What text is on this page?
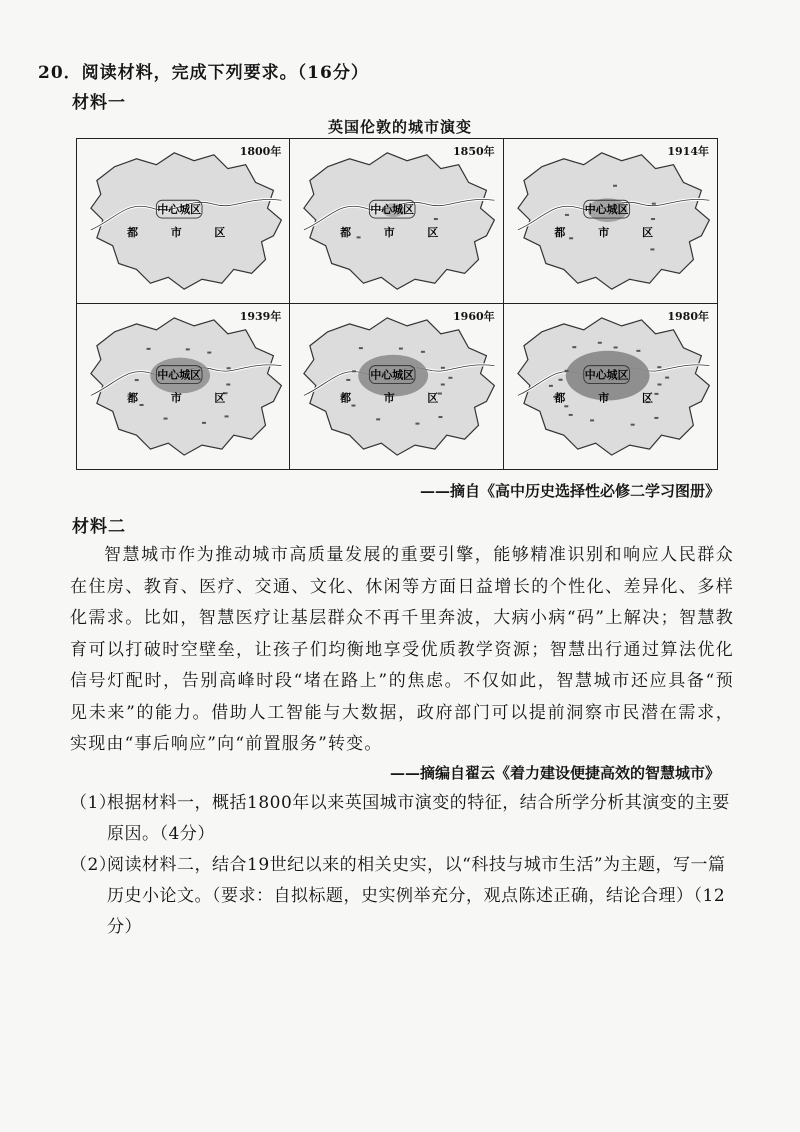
20．阅读材料，完成下列要求。（16分）
材料一
英国伦敦的城市演变
中心城区
都	市	区
1800年
中心城区
都	市	区
1850年
中心城区
都	市	区
1914年
中心城区
都	市	区
1939年
中心城区
都	市	区
1960年
中心城区
都	市	区
1980年
——摘自《高中历史选择性必修二学习图册》
材料二
智慧城市作为推动城市高质量发展的重要引擎，能够精准识别和响应人民群众在住房、教育、医疗、交通、文化、休闲等方面日益增长的个性化、差异化、多样化需求。比如，智慧医疗让基层群众不再千里奔波，大病小病“码”上解决；智慧教育可以打破时空壁垒，让孩子们均衡地享受优质教学资源；智慧出行通过算法优化信号灯配时，告别高峰时段“堵在路上”的焦虑。不仅如此，智慧城市还应具备“预见未来”的能力。借助人工智能与大数据，政府部门可以提前洞察市民潜在需求，实现由“事后响应”向“前置服务”转变。
——摘编自翟云《着力建设便捷高效的智慧城市》
（1）
根据材料一，概括1800年以来英国城市演变的特征，结合所学分析其演变的主要原因。（4分）
（2）
阅读材料二，结合19世纪以来的相关史实，以“科技与城市生活”为主题，写一篇历史小论文。（要求：自拟标题，史实例举充分，观点陈述正确，结论合理）（12分）
